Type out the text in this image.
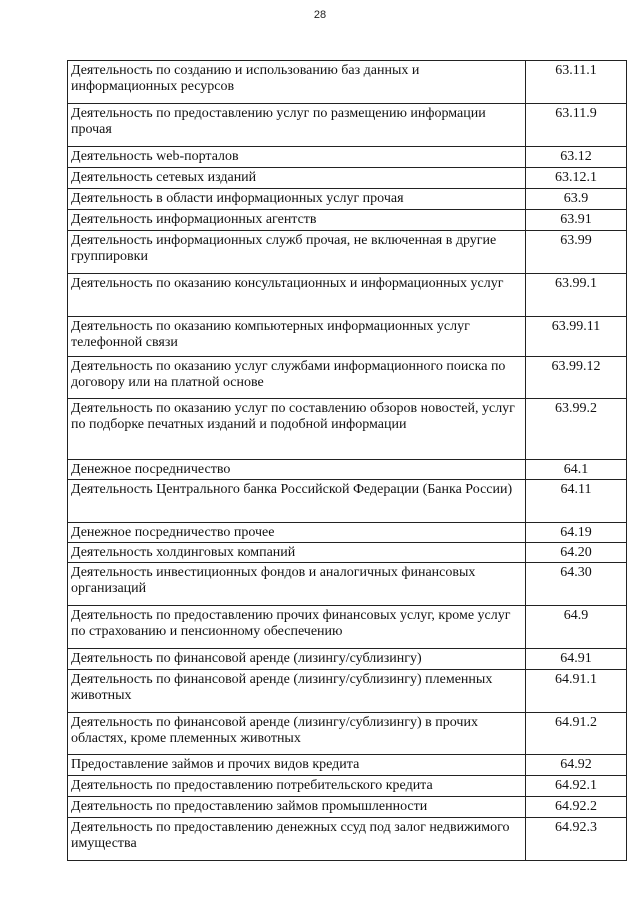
28
Деятельность по созданию и использованию баз данных и информационных ресурсов	63.11.1
Деятельность по предоставлению услуг по размещению информации прочая	63.11.9
Деятельность web-порталов	63.12
Деятельность сетевых изданий	63.12.1
Деятельность в области информационных услуг прочая	63.9
Деятельность информационных агентств	63.91
Деятельность информационных служб прочая, не включенная в другие группировки	63.99
Деятельность по оказанию консультационных и информационных услуг	63.99.1
Деятельность по оказанию компьютерных информационных услуг телефонной связи	63.99.11
Деятельность по оказанию услуг службами информационного поиска по договору или на платной основе	63.99.12
Деятельность по оказанию услуг по составлению обзоров новостей, услуг по подборке печатных изданий и подобной информации	63.99.2
Денежное посредничество	64.1
Деятельность Центрального банка Российской Федерации (Банка России)	64.11
Денежное посредничество прочее	64.19
Деятельность холдинговых компаний	64.20
Деятельность инвестиционных фондов и аналогичных финансовых организаций	64.30
Деятельность по предоставлению прочих финансовых услуг, кроме услуг по страхованию и пенсионному обеспечению	64.9
Деятельность по финансовой аренде (лизингу/сублизингу)	64.91
Деятельность по финансовой аренде (лизингу/сублизингу) племенных животных	64.91.1
Деятельность по финансовой аренде (лизингу/сублизингу) в прочих областях, кроме племенных животных	64.91.2
Предоставление займов и прочих видов кредита	64.92
Деятельность по предоставлению потребительского кредита	64.92.1
Деятельность по предоставлению займов промышленности	64.92.2
Деятельность по предоставлению денежных ссуд под залог недвижимого имущества	64.92.3
